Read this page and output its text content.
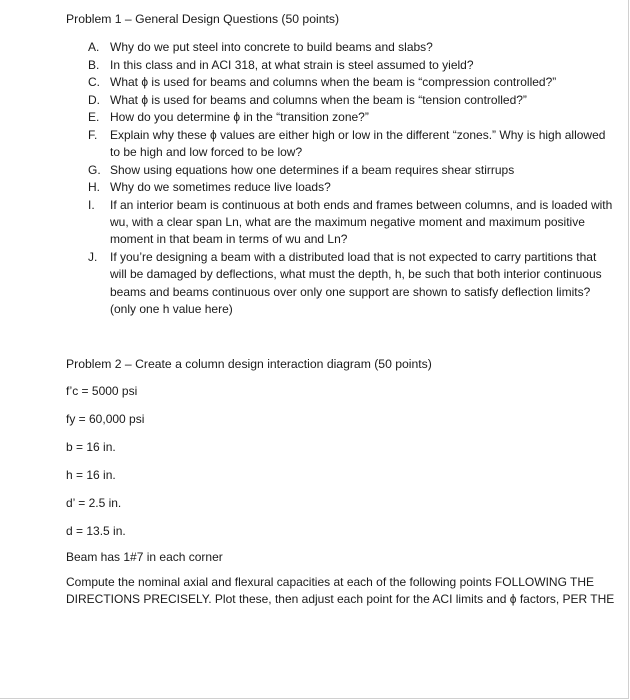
Problem 1 – General Design Questions (50 points)
A. Why do we put steel into concrete to build beams and slabs?
B. In this class and in ACI 318, at what strain is steel assumed to yield?
C. What ϕ is used for beams and columns when the beam is “compression controlled?”
D. What ϕ is used for beams and columns when the beam is “tension controlled?”
E. How do you determine ϕ in the “transition zone?”
F. Explain why these ϕ values are either high or low in the different “zones.” Why is high allowed
to be high and low forced to be low?
G. Show using equations how one determines if a beam requires shear stirrups
H. Why do we sometimes reduce live loads?
I. If an interior beam is continuous at both ends and frames between columns, and is loaded with
wu, with a clear span Ln, what are the maximum negative moment and maximum positive
moment in that beam in terms of wu and Ln?
J. If you’re designing a beam with a distributed load that is not expected to carry partitions that
will be damaged by deflections, what must the depth, h, be such that both interior continuous
beams and beams continuous over only one support are shown to satisfy deflection limits?
(only one h value here)
Problem 2 – Create a column design interaction diagram (50 points)
f’c = 5000 psi
fy = 60,000 psi
b = 16 in.
h = 16 in.
d’ = 2.5 in.
d = 13.5 in.
Beam has 1#7 in each corner
Compute the nominal axial and flexural capacities at each of the following points FOLLOWING THE
DIRECTIONS PRECISELY. Plot these, then adjust each point for the ACI limits and ϕ factors, PER THE
